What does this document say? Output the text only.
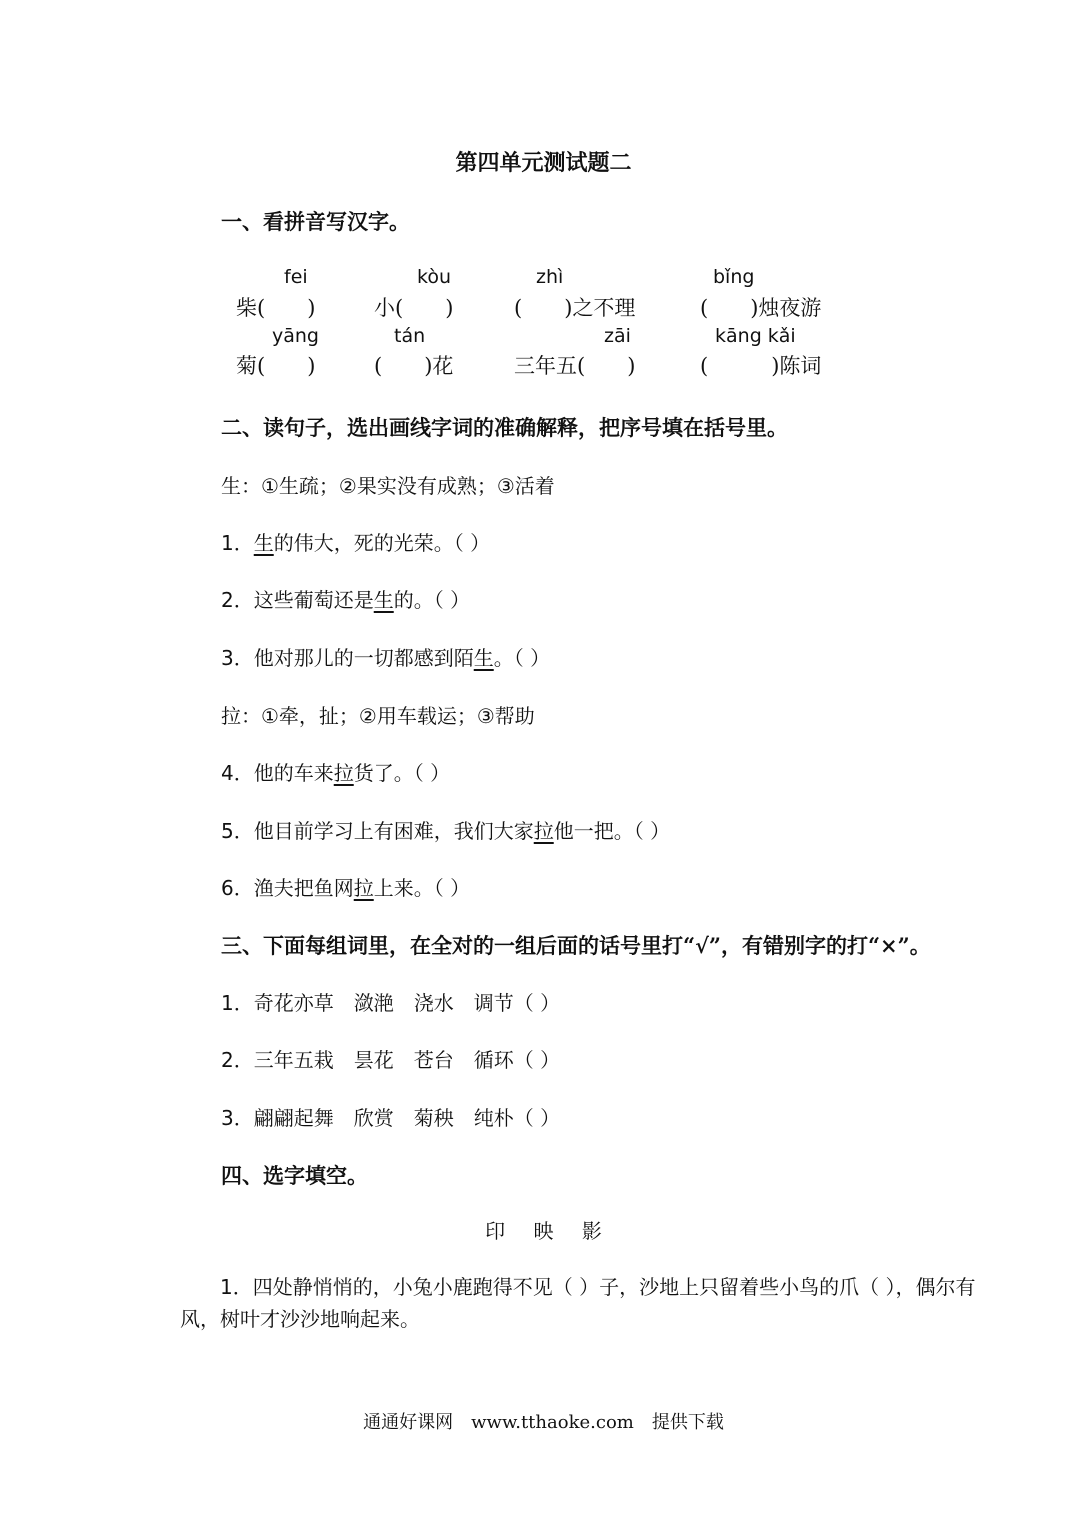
第四单元测试题二
一、看拼音写汉字。
fei	kòu	zhì	bǐng
柴(　　)	小(　　)	(　　)之不理	(　　)烛夜游
yāng	tán	zāi	kāng kǎi
菊(　　)	(　　)花	三年五(　　)	(　　　)陈词
二、读句子，选出画线字词的准确解释，把序号填在括号里。
生：①生疏；②果实没有成熟；③活着
1．生的伟大，死的光荣。（ ）
2．这些葡萄还是生的。（ ）
3．他对那儿的一切都感到陌生。（ ）
拉：①牵，扯；②用车载运；③帮助
4．他的车来拉货了。（ ）
5．他目前学习上有困难，我们大家拉他一把。（ ）
6．渔夫把鱼网拉上来。（ ）
三、下面每组词里，在全对的一组后面的话号里打“√”，有错别字的打“×”。
1．奇花亦草　潋滟　浇水　调节（ ）
2．三年五栽　昙花　苍台　循环（ ）
3．翩翩起舞　欣赏　菊秧　纯朴（ ）
四、选字填空。
印 映 影
1．四处静悄悄的，小兔小鹿跑得不见（ ）子，沙地上只留着些小鸟的爪（ ），偶尔有风，树叶才沙沙地响起来。
通通好课网　www.tthaoke.com　提供下载
